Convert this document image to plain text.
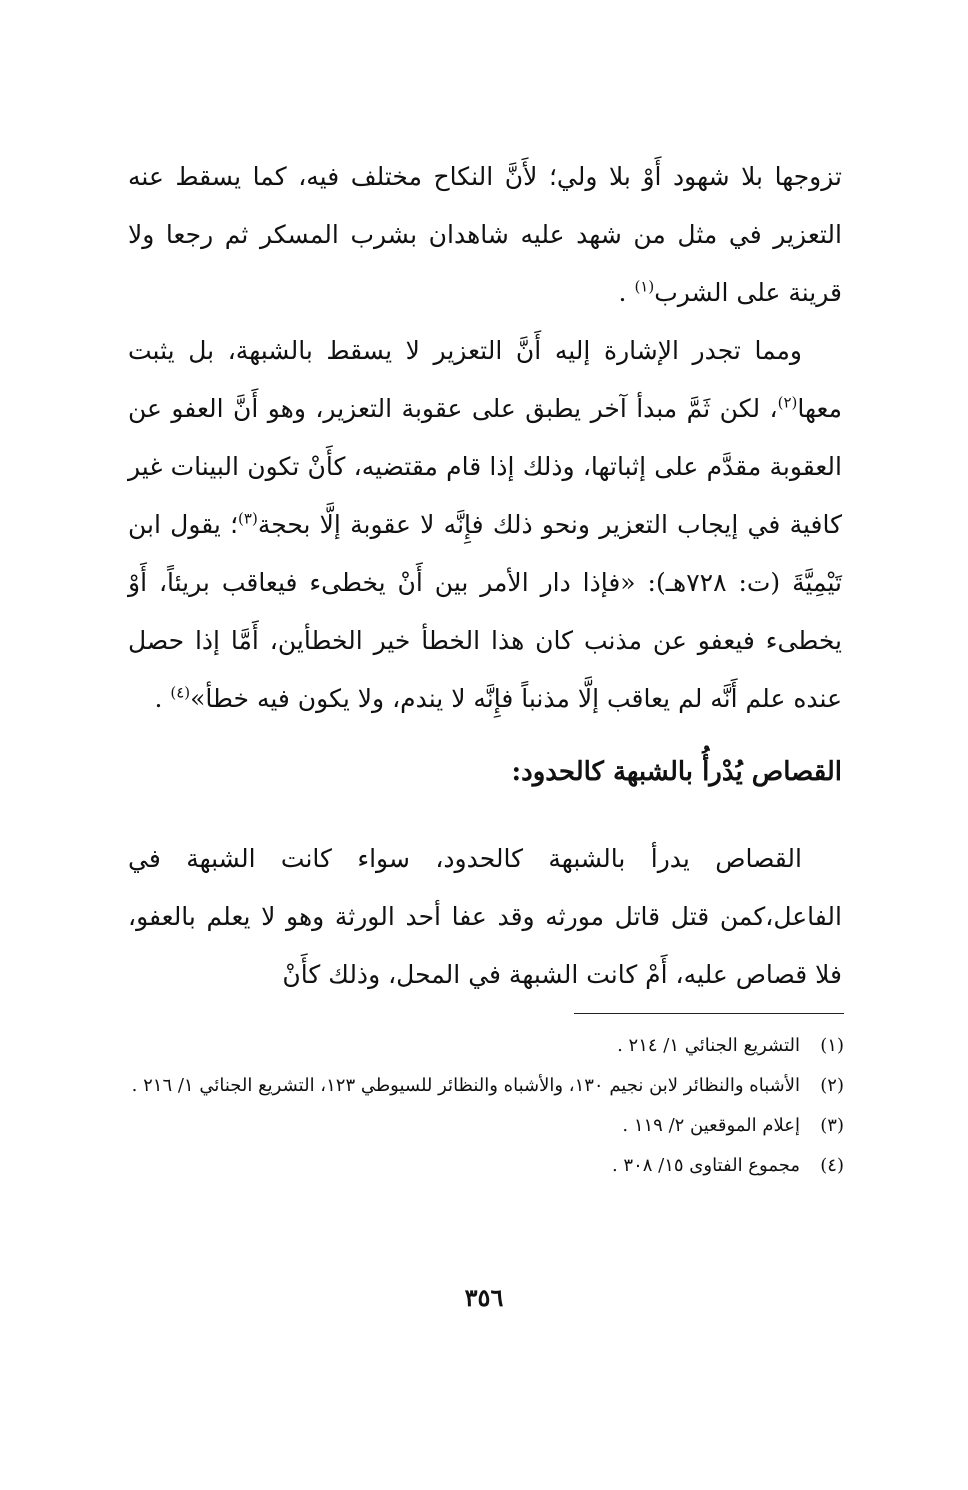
تزوجها بلا شهود أَوْ بلا ولي؛ لأَنَّ النكاح مختلف فيه، كما يسقط عنه التعزير في مثل من شهد عليه شاهدان بشرب المسكر ثم رجعا ولا قرينة على الشرب$^{(١)}$ .

ومما تجدر الإشارة إليه أَنَّ التعزير لا يسقط بالشبهة، بل يثبت معها$^{(٢)}$، لكن ثَمَّ مبدأ آخر يطبق على عقوبة التعزير، وهو أَنَّ العفو عن العقوبة مقدَّم على إثباتها، وذلك إذا قام مقتضيه، كأَنْ تكون البينات غير كافية في إيجاب التعزير ونحو ذلك فإِنَّه لا عقوبة إلَّا بحجة$^{(٣)}$؛ يقول ابن تَيْمِيَّةَ (ت: ٧٢٨هـ): «فإذا دار الأمر بين أَنْ يخطىء فيعاقب بريئاً، أَوْ يخطىء فيعفو عن مذنب كان هذا الخطأ خير الخطأين، أَمَّا إذا حصل عنده علم أَنَّه لم يعاقب إلَّا مذنباً فإِنَّه لا يندم، ولا يكون فيه خطأ»$^{(٤)}$ .

القصاص يُدْرأُ بالشبهة كالحدود:

القصاص يدرأ بالشبهة كالحدود، سواء كانت الشبهة في الفاعل،كمن قتل قاتل مورثه وقد عفا أحد الورثة وهو لا يعلم بالعفو، فلا قصاص عليه، أَمْ كانت الشبهة في المحل، وذلك كأَنْ

(١)
التشريع الجنائي ١/ ٢١٤ .
(٢)
الأشباه والنظائر لابن نجيم ١٣٠، والأشباه والنظائر للسيوطي ١٢٣، التشريع الجنائي ١/ ٢١٦ .
(٣)
إعلام الموقعين ٢/ ١١٩ .
(٤)
مجموع الفتاوى ١٥/ ٣٠٨ .
٣٥٦
